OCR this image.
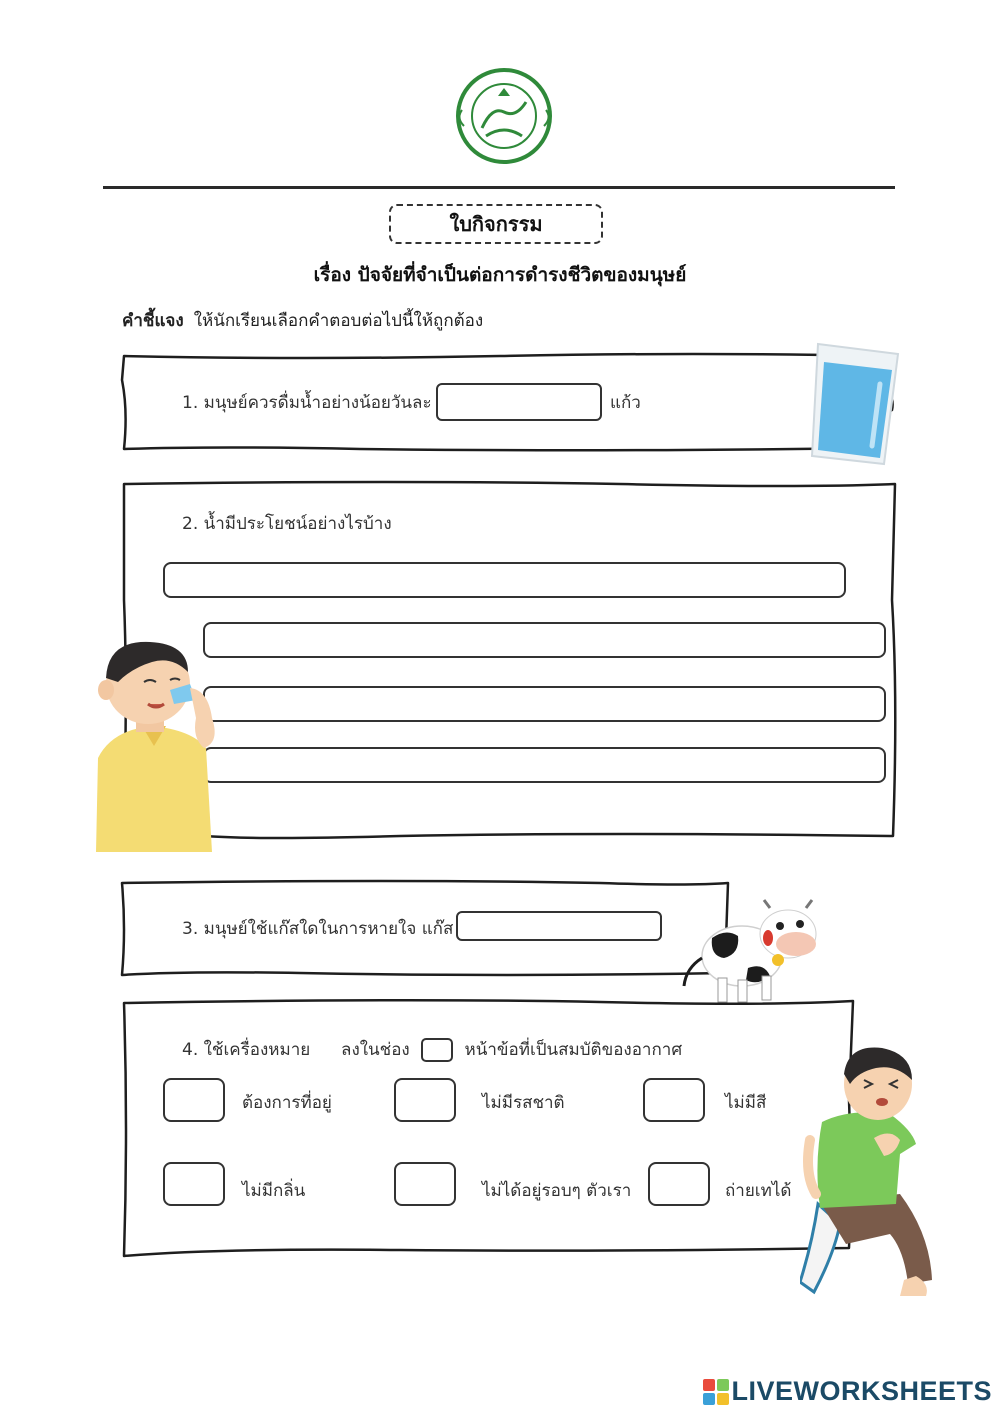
ใบกิจกรรม
เรื่อง ปัจจัยที่จำเป็นต่อการดำรงชีวิตของมนุษย์
คำชี้แจง ให้นักเรียนเลือกคำตอบต่อไปนี้ให้ถูกต้อง
1. มนุษย์ควรดื่มน้ำอย่างน้อยวันละ	แก้ว
2. น้ำมีประโยชน์อย่างไรบ้าง
3. มนุษย์ใช้แก๊สใดในการหายใจ แก๊ส
4. ใช้เครื่องหมาย ลงในช่อง	หน้าข้อที่เป็นสมบัติของอากาศ
ต้องการที่อยู่	ไม่มีรสชาติ	ไม่มีสี
ไม่มีกลิ่น	ไม่ได้อยู่รอบๆ ตัวเรา	ถ่ายเทได้
LIVEWORKSHEETS
